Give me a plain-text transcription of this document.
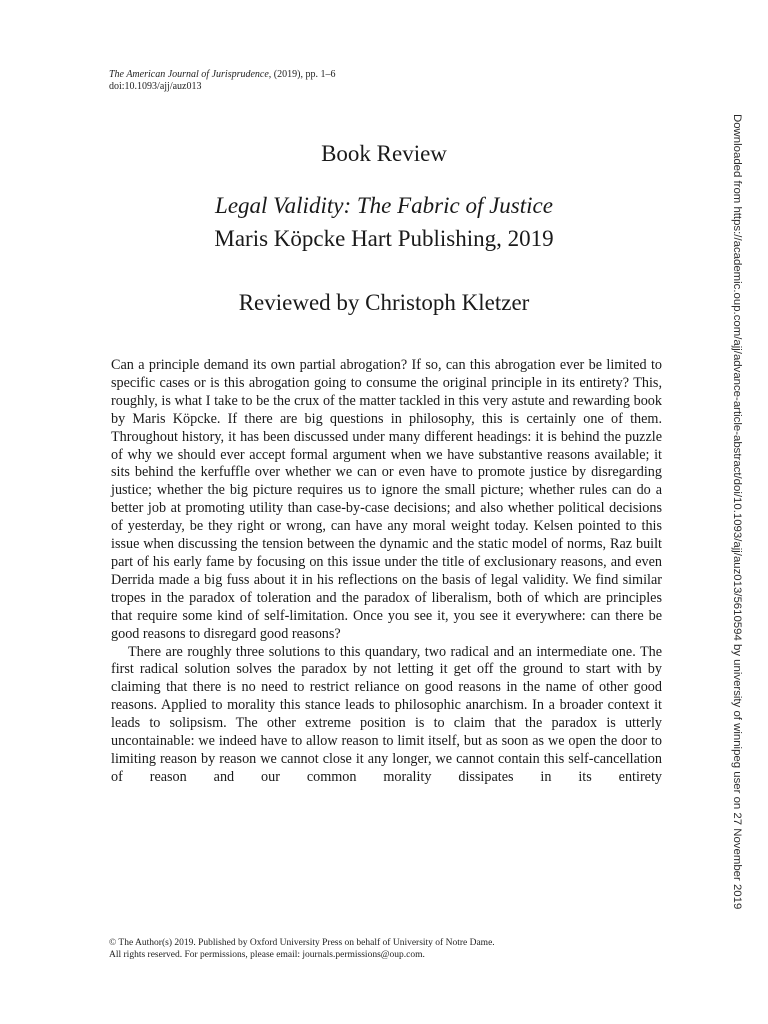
The American Journal of Jurisprudence, (2019), pp. 1–6
doi:10.1093/ajj/auz013
Book Review
Legal Validity: The Fabric of Justice
Maris Köpcke Hart Publishing, 2019
Reviewed by Christoph Kletzer

Can a principle demand its own partial abrogation? If so, can this abrogation ever be limited to specific cases or is this abrogation going to consume the original principle in its entirety? This, roughly, is what I take to be the crux of the matter tackled in this very astute and rewarding book by Maris Köpcke. If there are big questions in philosophy, this is certainly one of them. Throughout history, it has been discussed under many different headings: it is behind the puzzle of why we should ever accept formal argument when we have substantive reasons available; it sits behind the kerfuffle over whether we can or even have to promote justice by disregarding justice; whether the big picture requires us to ignore the small picture; whether rules can do a better job at promoting utility than case-by-case decisions; and also whether political decisions of yesterday, be they right or wrong, can have any moral weight today. Kelsen pointed to this issue when discussing the tension between the dynamic and the static model of norms, Raz built part of his early fame by focusing on this issue under the title of exclusionary reasons, and even Derrida made a big fuss about it in his reflections on the basis of legal validity. We find similar tropes in the paradox of toleration and the paradox of liberalism, both of which are principles that require some kind of self-limitation. Once you see it, you see it everywhere: can there be good reasons to disregard good reasons?

There are roughly three solutions to this quandary, two radical and an intermediate one. The first radical solution solves the paradox by not letting it get off the ground to start with by claiming that there is no need to restrict reliance on good reasons in the name of other good reasons. Applied to morality this stance leads to philosophic anarchism. In a broader context it leads to solipsism. The other extreme position is to claim that the paradox is utterly uncontainable: we indeed have to allow reason to limit itself, but as soon as we open the door to limiting reason by reason we cannot close it any longer, we cannot contain this self-cancellation of reason and our common morality dissipates in its entirety

© The Author(s) 2019. Published by Oxford University Press on behalf of University of Notre Dame.
All rights reserved. For permissions, please email: journals.permissions@oup.com.
Downloaded from https://academic.oup.com/ajj/advance-article-abstract/doi/10.1093/ajj/auz013/5610594 by university of winnipeg user on 27 November 2019
